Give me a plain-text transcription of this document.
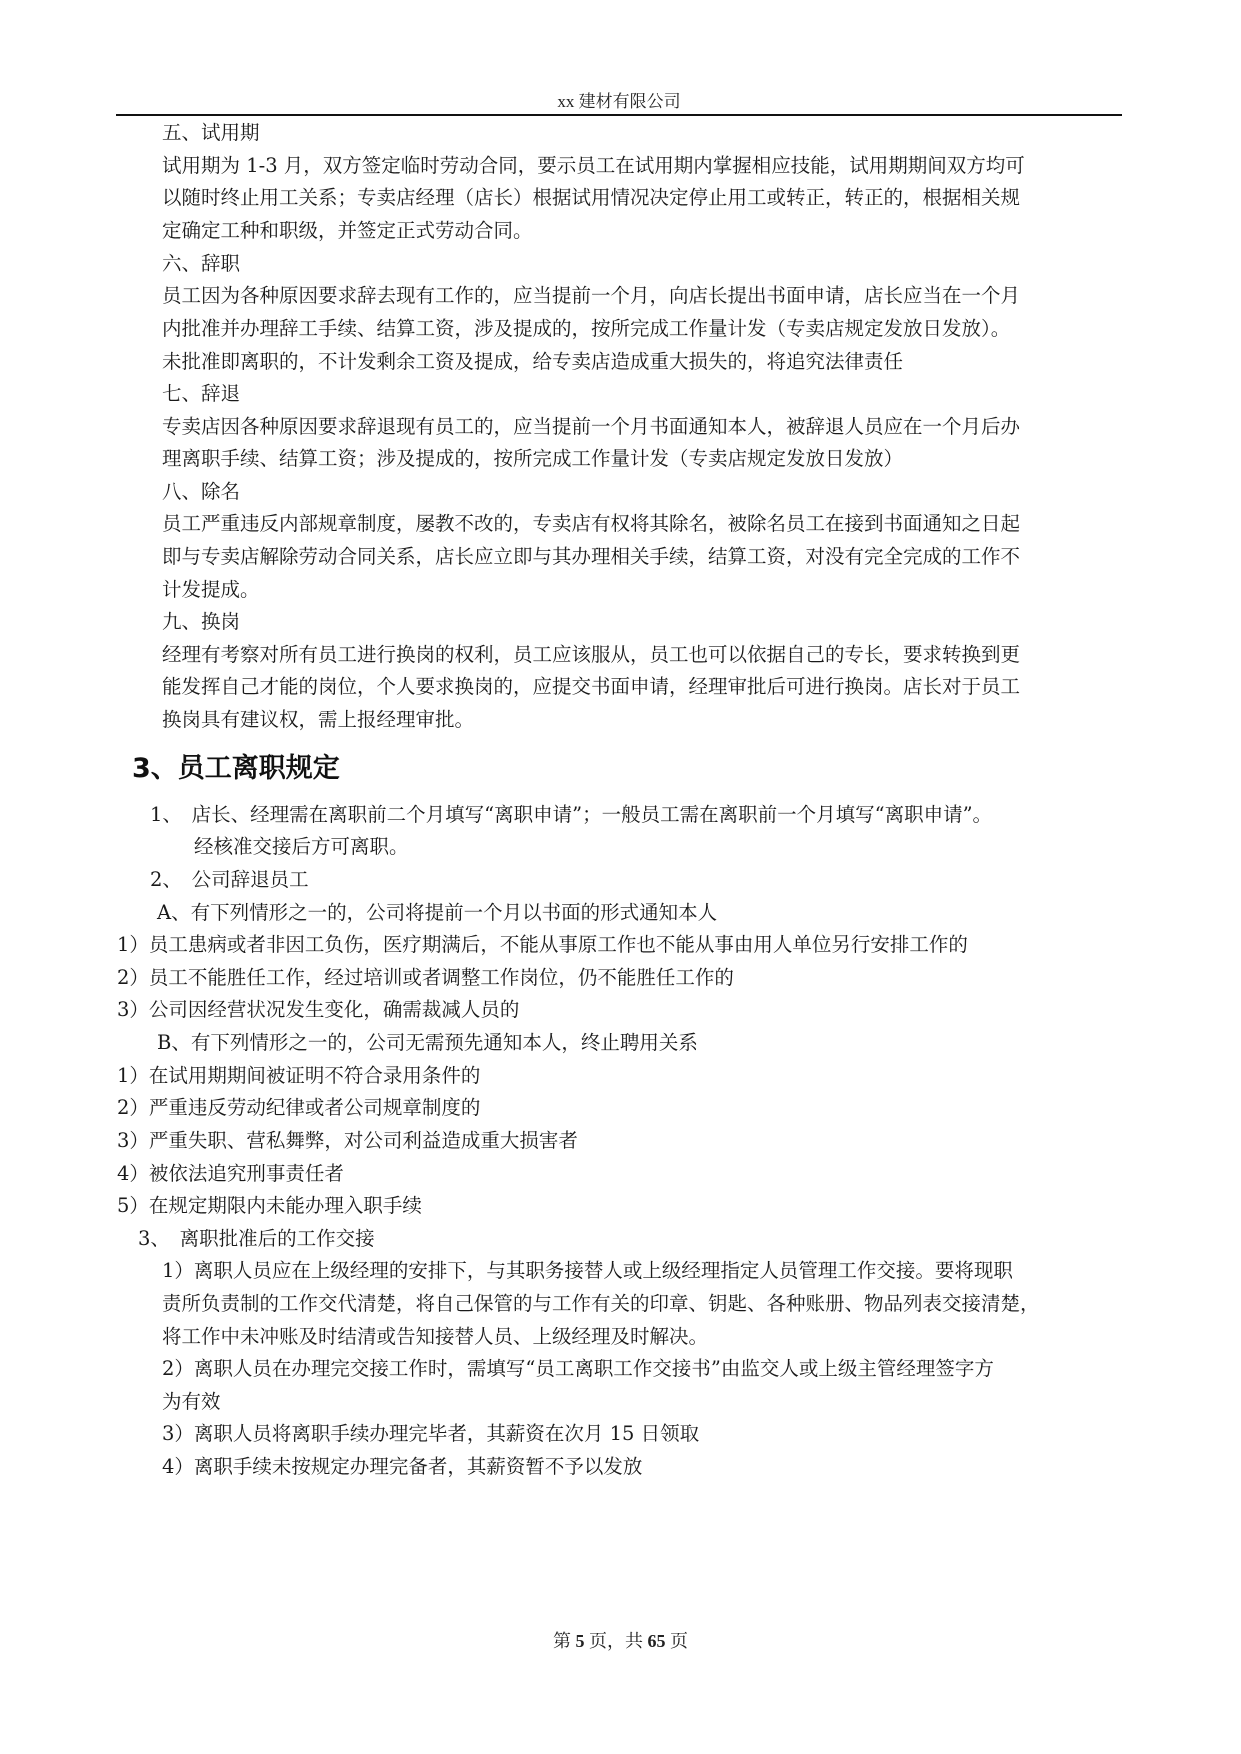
xx 建材有限公司
五、试用期
试用期为 1-3 月，双方签定临时劳动合同，要示员工在试用期内掌握相应技能，试用期期间双方均可
以随时终止用工关系；专卖店经理（店长）根据试用情况决定停止用工或转正，转正的，根据相关规
定确定工种和职级，并签定正式劳动合同。
六、辞职
员工因为各种原因要求辞去现有工作的，应当提前一个月，向店长提出书面申请，店长应当在一个月
内批准并办理辞工手续、结算工资，涉及提成的，按所完成工作量计发（专卖店规定发放日发放）。
未批准即离职的，不计发剩余工资及提成，给专卖店造成重大损失的，将追究法律责任
七、辞退
专卖店因各种原因要求辞退现有员工的，应当提前一个月书面通知本人，被辞退人员应在一个月后办
理离职手续、结算工资；涉及提成的，按所完成工作量计发（专卖店规定发放日发放）
八、除名
员工严重违反内部规章制度，屡教不改的，专卖店有权将其除名，被除名员工在接到书面通知之日起
即与专卖店解除劳动合同关系，店长应立即与其办理相关手续，结算工资，对没有完全完成的工作不
计发提成。
九、换岗
经理有考察对所有员工进行换岗的权利，员工应该服从，员工也可以依据自己的专长，要求转换到更
能发挥自己才能的岗位，个人要求换岗的，应提交书面申请，经理审批后可进行换岗。店长对于员工
换岗具有建议权，需上报经理审批。
3、员工离职规定
1、　店长、经理需在离职前二个月填写“离职申请”；一般员工需在离职前一个月填写“离职申请”。
经核准交接后方可离职。
2、　公司辞退员工
A、有下列情形之一的，公司将提前一个月以书面的形式通知本人
1）员工患病或者非因工负伤，医疗期满后，不能从事原工作也不能从事由用人单位另行安排工作的
2）员工不能胜任工作，经过培训或者调整工作岗位，仍不能胜任工作的
3）公司因经营状况发生变化，确需裁减人员的
B、有下列情形之一的，公司无需预先通知本人，终止聘用关系
1）在试用期期间被证明不符合录用条件的
2）严重违反劳动纪律或者公司规章制度的
3）严重失职、营私舞弊，对公司利益造成重大损害者
4）被依法追究刑事责任者
5）在规定期限内未能办理入职手续
3、　离职批准后的工作交接
1）离职人员应在上级经理的安排下，与其职务接替人或上级经理指定人员管理工作交接。要将现职
责所负责制的工作交代清楚，将自己保管的与工作有关的印章、钥匙、各种账册、物品列表交接清楚，
将工作中未冲账及时结清或告知接替人员、上级经理及时解决。
2）离职人员在办理完交接工作时，需填写“员工离职工作交接书”由监交人或上级主管经理签字方
为有效
3）离职人员将离职手续办理完毕者，其薪资在次月 15 日领取
4）离职手续未按规定办理完备者，其薪资暂不予以发放
第 5 页，共 65 页
